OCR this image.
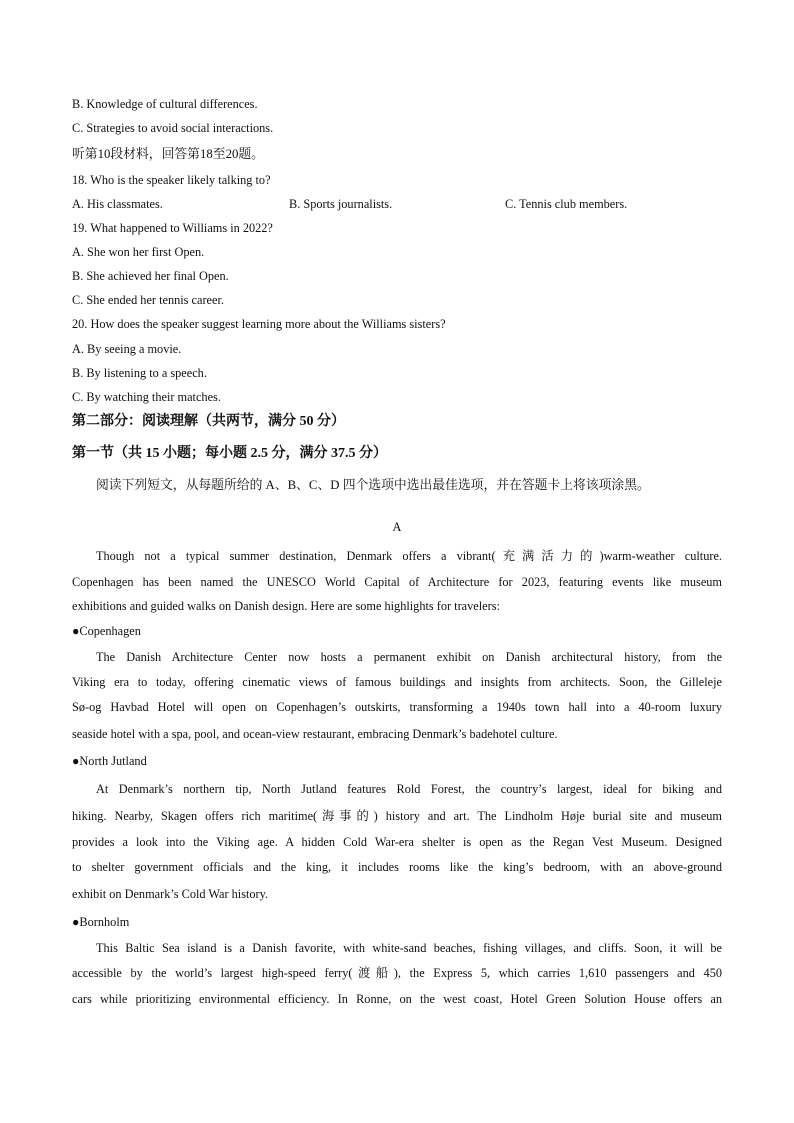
B. Knowledge of cultural differences.
C. Strategies to avoid social interactions.
听第10段材料，回答第18至20题。
18. Who is the speaker likely talking to?
A. His classmates.	B. Sports journalists.	C. Tennis club members.
19. What happened to Williams in 2022?
A. She won her first Open.
B. She achieved her final Open.
C. She ended her tennis career.
20. How does the speaker suggest learning more about the Williams sisters?
A. By seeing a movie.
B. By listening to a speech.
C. By watching their matches.
第二部分：阅读理解（共两节，满分 50 分）
第一节（共 15 小题；每小题 2.5 分，满分 37.5 分）
阅读下列短文，从每题所给的 A、B、C、D 四个选项中选出最佳选项，并在答题卡上将该项涂黑。
A
Though not a typical summer destination, Denmark offers a vibrant(充满活力的)warm-weather culture.
Copenhagen has been named the UNESCO World Capital of Architecture for 2023, featuring events like museum
exhibitions and guided walks on Danish design. Here are some highlights for travelers:
●Copenhagen
The Danish Architecture Center now hosts a permanent exhibit on Danish architectural history, from the
Viking era to today, offering cinematic views of famous buildings and insights from architects. Soon, the Gilleleje
Sø-og Havbad Hotel will open on Copenhagen’s outskirts, transforming a 1940s town hall into a 40-room luxury
seaside hotel with a spa, pool, and ocean-view restaurant, embracing Denmark’s badehotel culture.
●North Jutland
At Denmark’s northern tip, North Jutland features Rold Forest, the country’s largest, ideal for biking and
hiking. Nearby, Skagen offers rich maritime(海事的) history and art. The Lindholm Høje burial site and museum
provides a look into the Viking age. A hidden Cold War-era shelter is open as the Regan Vest Museum. Designed
to shelter government officials and the king, it includes rooms like the king’s bedroom, with an above-ground
exhibit on Denmark’s Cold War history.
●Bornholm
This Baltic Sea island is a Danish favorite, with white-sand beaches, fishing villages, and cliffs. Soon, it will be
accessible by the world’s largest high-speed ferry(渡船), the Express 5, which carries 1,610 passengers and 450
cars while prioritizing environmental efficiency. In Ronne, on the west coast, Hotel Green Solution House offers an
